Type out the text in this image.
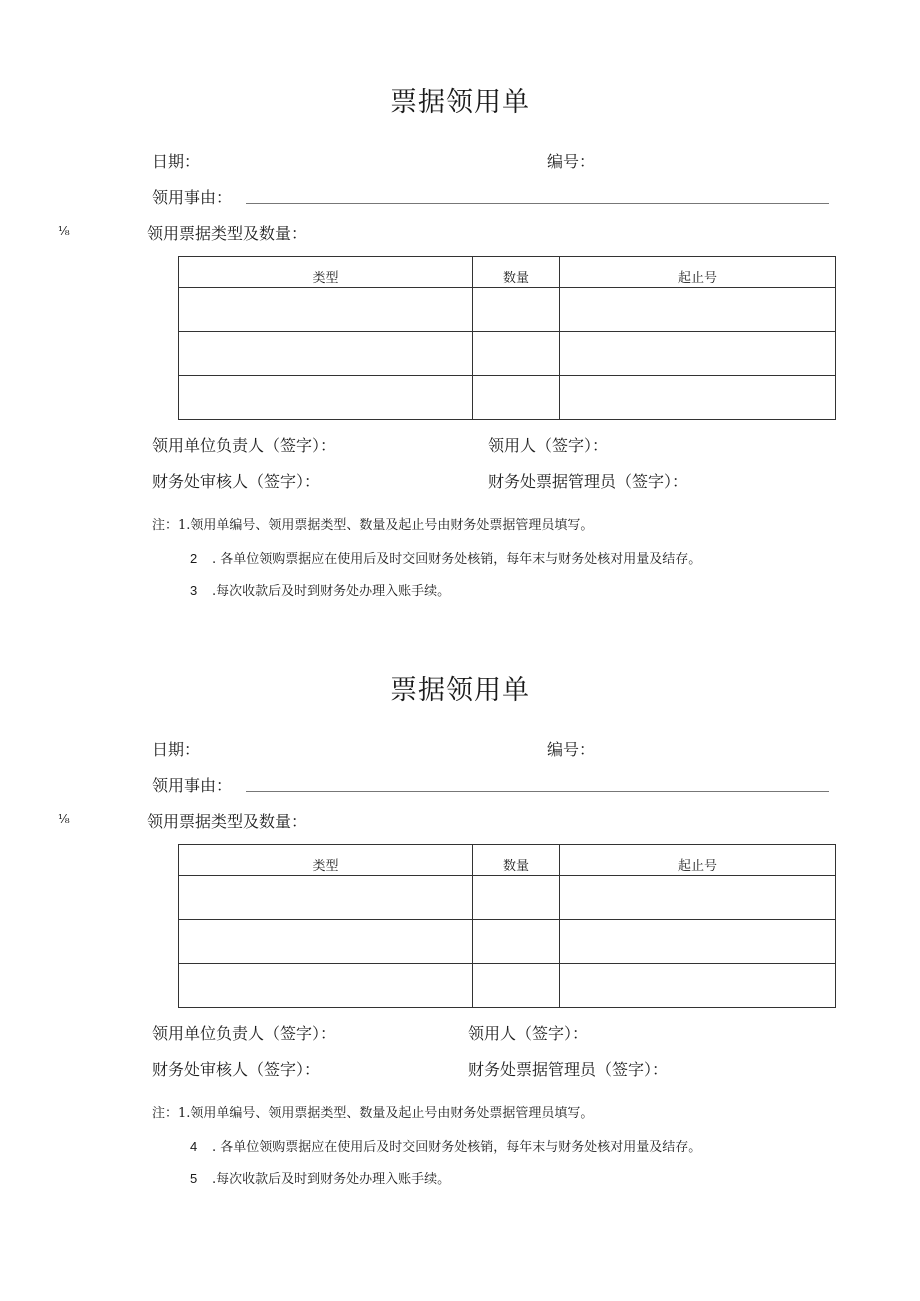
票据领用单
日期：	编号：
领用事由：
⅛	领用票据类型及数量：
类型	数量	起止号

领用单位负责人（签字）：	领用人（签字）：
财务处审核人（签字）：	财务处票据管理员（签字）：
注：1.领用单编号、领用票据类型、数量及起止号由财务处票据管理员填写。
2 . 各单位领购票据应在使用后及时交回财务处核销，每年末与财务处核对用量及结存。
3 .每次收款后及时到财务处办理入账手续。
票据领用单
日期：	编号：
领用事由：
⅛	领用票据类型及数量：
类型	数量	起止号

领用单位负责人（签字）：	领用人（签字）：
财务处审核人（签字）：	财务处票据管理员（签字）：
注：1.领用单编号、领用票据类型、数量及起止号由财务处票据管理员填写。
4 . 各单位领购票据应在使用后及时交回财务处核销，每年末与财务处核对用量及结存。
5 .每次收款后及时到财务处办理入账手续。
